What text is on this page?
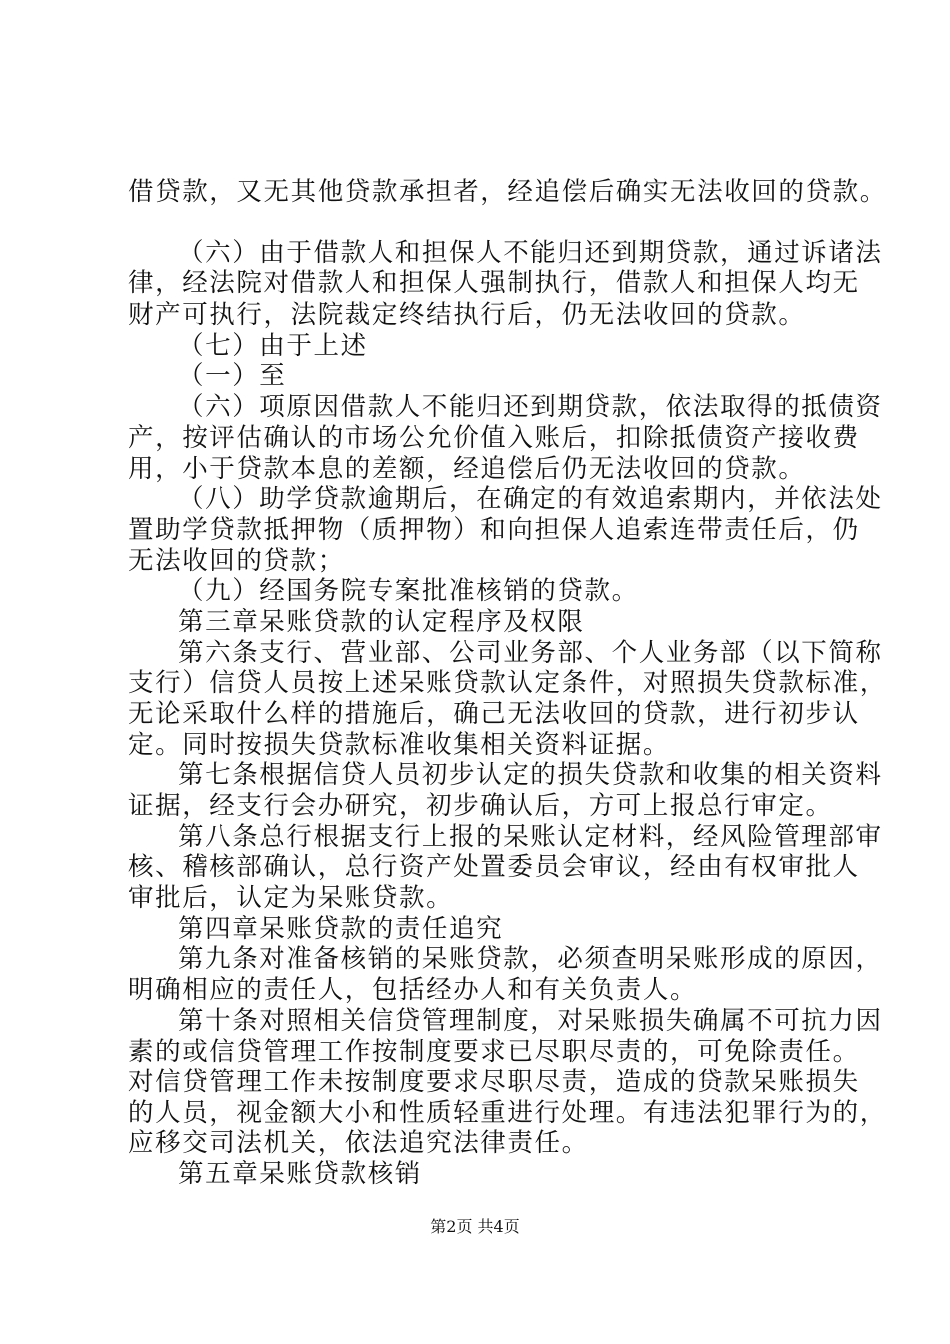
借贷款，又无其他贷款承担者，经追偿后确实无法收回的贷款。
（六）由于借款人和担保人不能归还到期贷款，通过诉诸法
律，经法院对借款人和担保人强制执行，借款人和担保人均无
财产可执行，法院裁定终结执行后，仍无法收回的贷款。
（七）由于上述
（一）至
（六）项原因借款人不能归还到期贷款，依法取得的抵债资
产，按评估确认的市场公允价值入账后，扣除抵债资产接收费
用，小于贷款本息的差额，经追偿后仍无法收回的贷款。
（八）助学贷款逾期后，在确定的有效追索期内，并依法处
置助学贷款抵押物（质押物）和向担保人追索连带责任后，仍
无法收回的贷款；
（九）经国务院专案批准核销的贷款。
第三章呆账贷款的认定程序及权限
第六条支行、营业部、公司业务部、个人业务部（以下简称
支行）信贷人员按上述呆账贷款认定条件，对照损失贷款标准，
无论采取什么样的措施后，确己无法收回的贷款，进行初步认
定。同时按损失贷款标准收集相关资料证据。
第七条根据信贷人员初步认定的损失贷款和收集的相关资料
证据，经支行会办研究，初步确认后，方可上报总行审定。
第八条总行根据支行上报的呆账认定材料，经风险管理部审
核、稽核部确认，总行资产处置委员会审议，经由有权审批人
审批后，认定为呆账贷款。
第四章呆账贷款的责任追究
第九条对准备核销的呆账贷款，必须查明呆账形成的原因，
明确相应的责任人，包括经办人和有关负责人。
第十条对照相关信贷管理制度，对呆账损失确属不可抗力因
素的或信贷管理工作按制度要求已尽职尽责的，可免除责任。
对信贷管理工作未按制度要求尽职尽责，造成的贷款呆账损失
的人员，视金额大小和性质轻重进行处理。有违法犯罪行为的，
应移交司法机关，依法追究法律责任。
第五章呆账贷款核销
第2页 共4页
